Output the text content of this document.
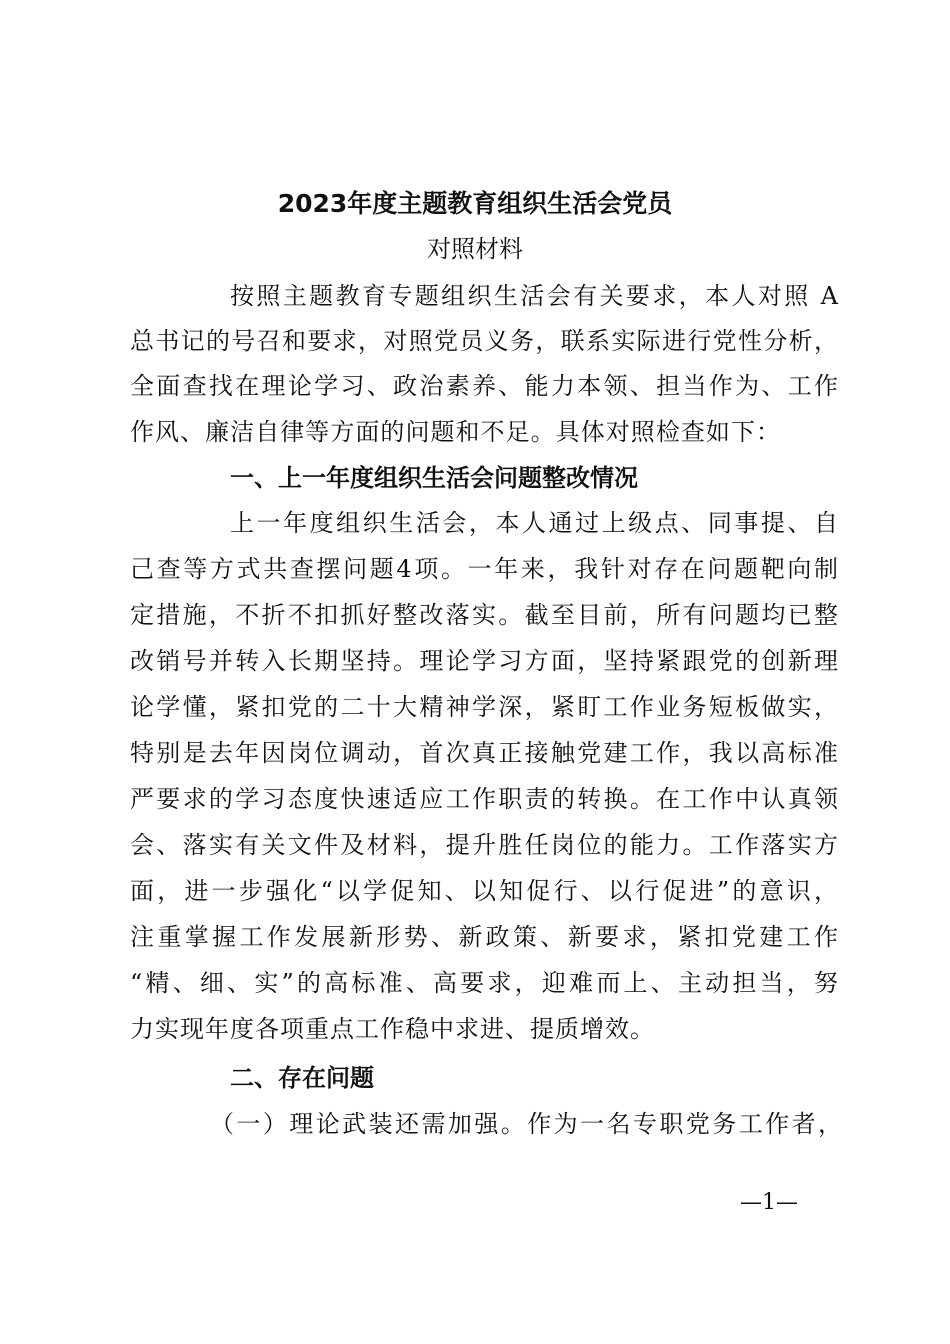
2023年度主题教育组织生活会党员
对照材料
按照主题教育专题组织生活会有关要求，本人对照 A
总书记的号召和要求，对照党员义务，联系实际进行党性分析，
全面查找在理论学习、政治素养、能力本领、担当作为、工作
作风、廉洁自律等方面的问题和不足。具体对照检查如下：
一、上一年度组织生活会问题整改情况
上一年度组织生活会，本人通过上级点、同事提、自
己查等方式共查摆问题4项。一年来，我针对存在问题靶向制
定措施，不折不扣抓好整改落实。截至目前，所有问题均已整
改销号并转入长期坚持。理论学习方面，坚持紧跟党的创新理
论学懂，紧扣党的二十大精神学深，紧盯工作业务短板做实，
特别是去年因岗位调动，首次真正接触党建工作，我以高标准
严要求的学习态度快速适应工作职责的转换。在工作中认真领
会、落实有关文件及材料，提升胜任岗位的能力。工作落实方
面，进一步强化“以学促知、以知促行、以行促进”的意识，
注重掌握工作发展新形势、新政策、新要求，紧扣党建工作
“精、细、实”的高标准、高要求，迎难而上、主动担当，努
力实现年度各项重点工作稳中求进、提质增效。
二、存在问题
（一）理论武装还需加强。作为一名专职党务工作者，
—1—
